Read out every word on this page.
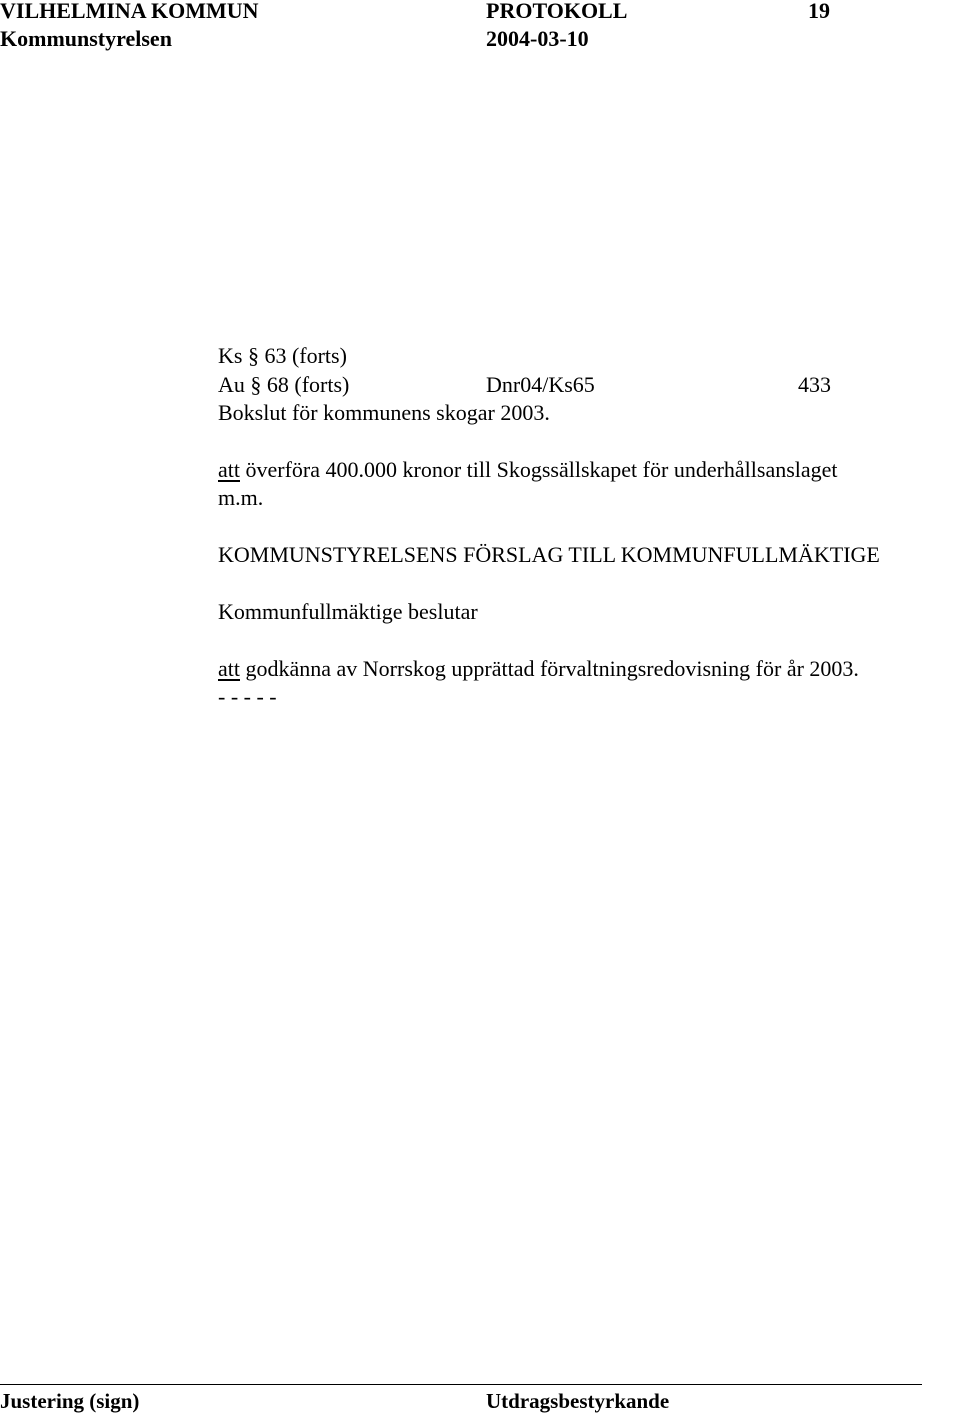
VILHELMINA KOMMUN	PROTOKOLL	19
Kommunstyrelsen	2004-03-10
Ks § 63 (forts)
Au § 68 (forts)	Dnr04/Ks65	433
Bokslut för kommunens skogar 2003.
att överföra 400.000 kronor till Skogssällskapet för underhållsanslaget
m.m.
KOMMUNSTYRELSENS FÖRSLAG TILL KOMMUNFULLMÄKTIGE
Kommunfullmäktige beslutar
att godkänna av Norrskog upprättad förvaltningsredovisning för år 2003.
- - - - -
Justering (sign)	Utdragsbestyrkande
